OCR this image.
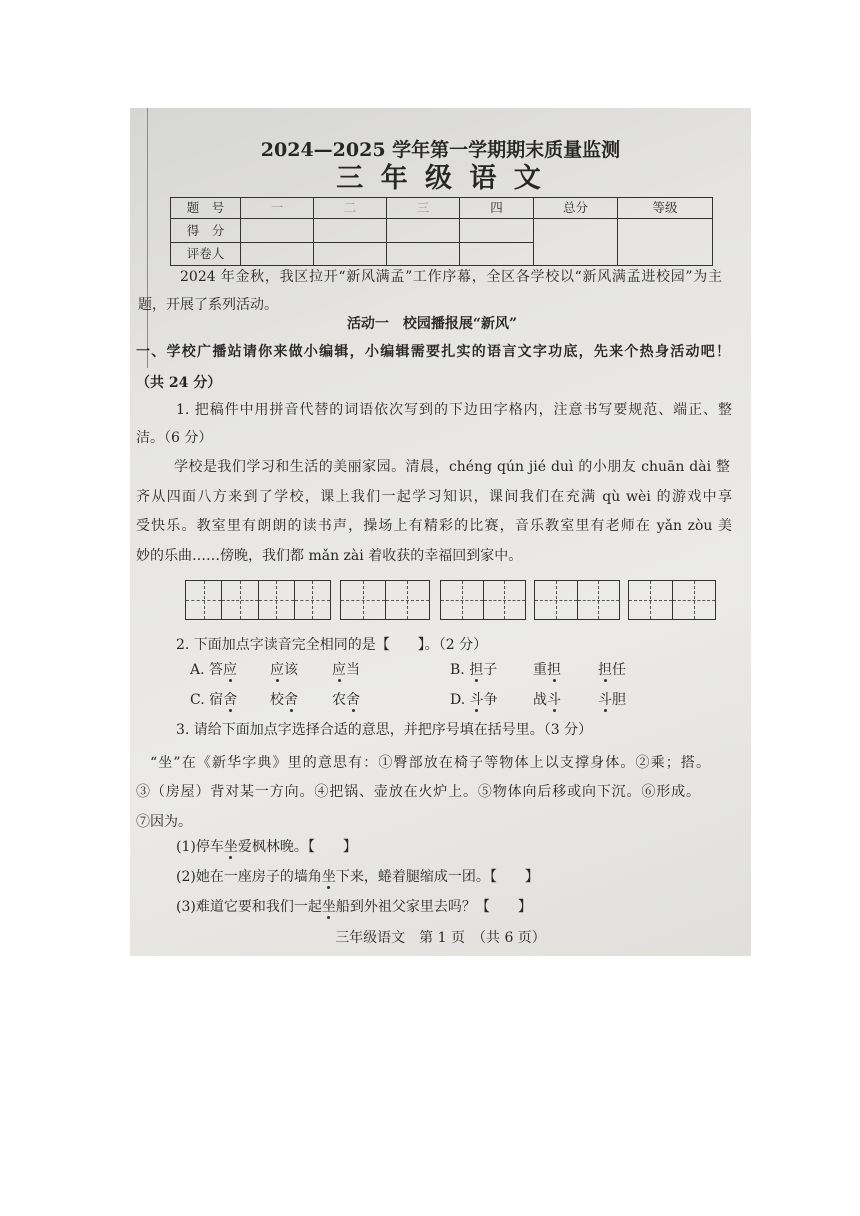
2024—2025 学年第一学期期末质量监测
三 年 级 语 文
题　号	一	二	三	四	总分	等级
得　分						
评卷人						
2024 年金秋，我区拉开“新风满孟”工作序幕，全区各学校以“新风满孟进校园”为主
题，开展了系列活动。
活动一　校园播报展“新风”
一、学校广播站请你来做小编辑，小编辑需要扎实的语言文字功底，先来个热身活动吧！
（共 24 分）
1. 把稿件中用拼音代替的词语依次写到的下边田字格内，注意书写要规范、端正、整
洁。（6 分）
学校是我们学习和生活的美丽家园。清晨，chéng qún jié duì 的小朋友 chuān dài 整
齐从四面八方来到了学校，课上我们一起学习知识，课间我们在充满 qù wèi 的游戏中享
受快乐。教室里有朗朗的读书声，操场上有精彩的比赛，音乐教室里有老师在 yǎn zòu 美
妙的乐曲……傍晚，我们都 mǎn zài 着收获的幸福回到家中。
2. 下面加点字读音完全相同的是【　　】。（2 分）
A. 答应 应该 应当	B. 担子	重担	担任
C. 宿舍 校舍 农舍	D. 斗争	战斗	斗胆
3. 请给下面加点字选择合适的意思，并把序号填在括号里。（3 分）
“坐”在《新华字典》里的意思有：①臀部放在椅子等物体上以支撑身体。②乘；搭。
③（房屋）背对某一方向。④把锅、壶放在火炉上。⑤物体向后移或向下沉。⑥形成。
⑦因为。
(1)停车坐爱枫林晚。【　　】
(2)她在一座房子的墙角坐下来，蜷着腿缩成一团。【　　】
(3)难道它要和我们一起坐船到外祖父家里去吗？【　　】
三年级语文　第 1 页　（共 6 页）
